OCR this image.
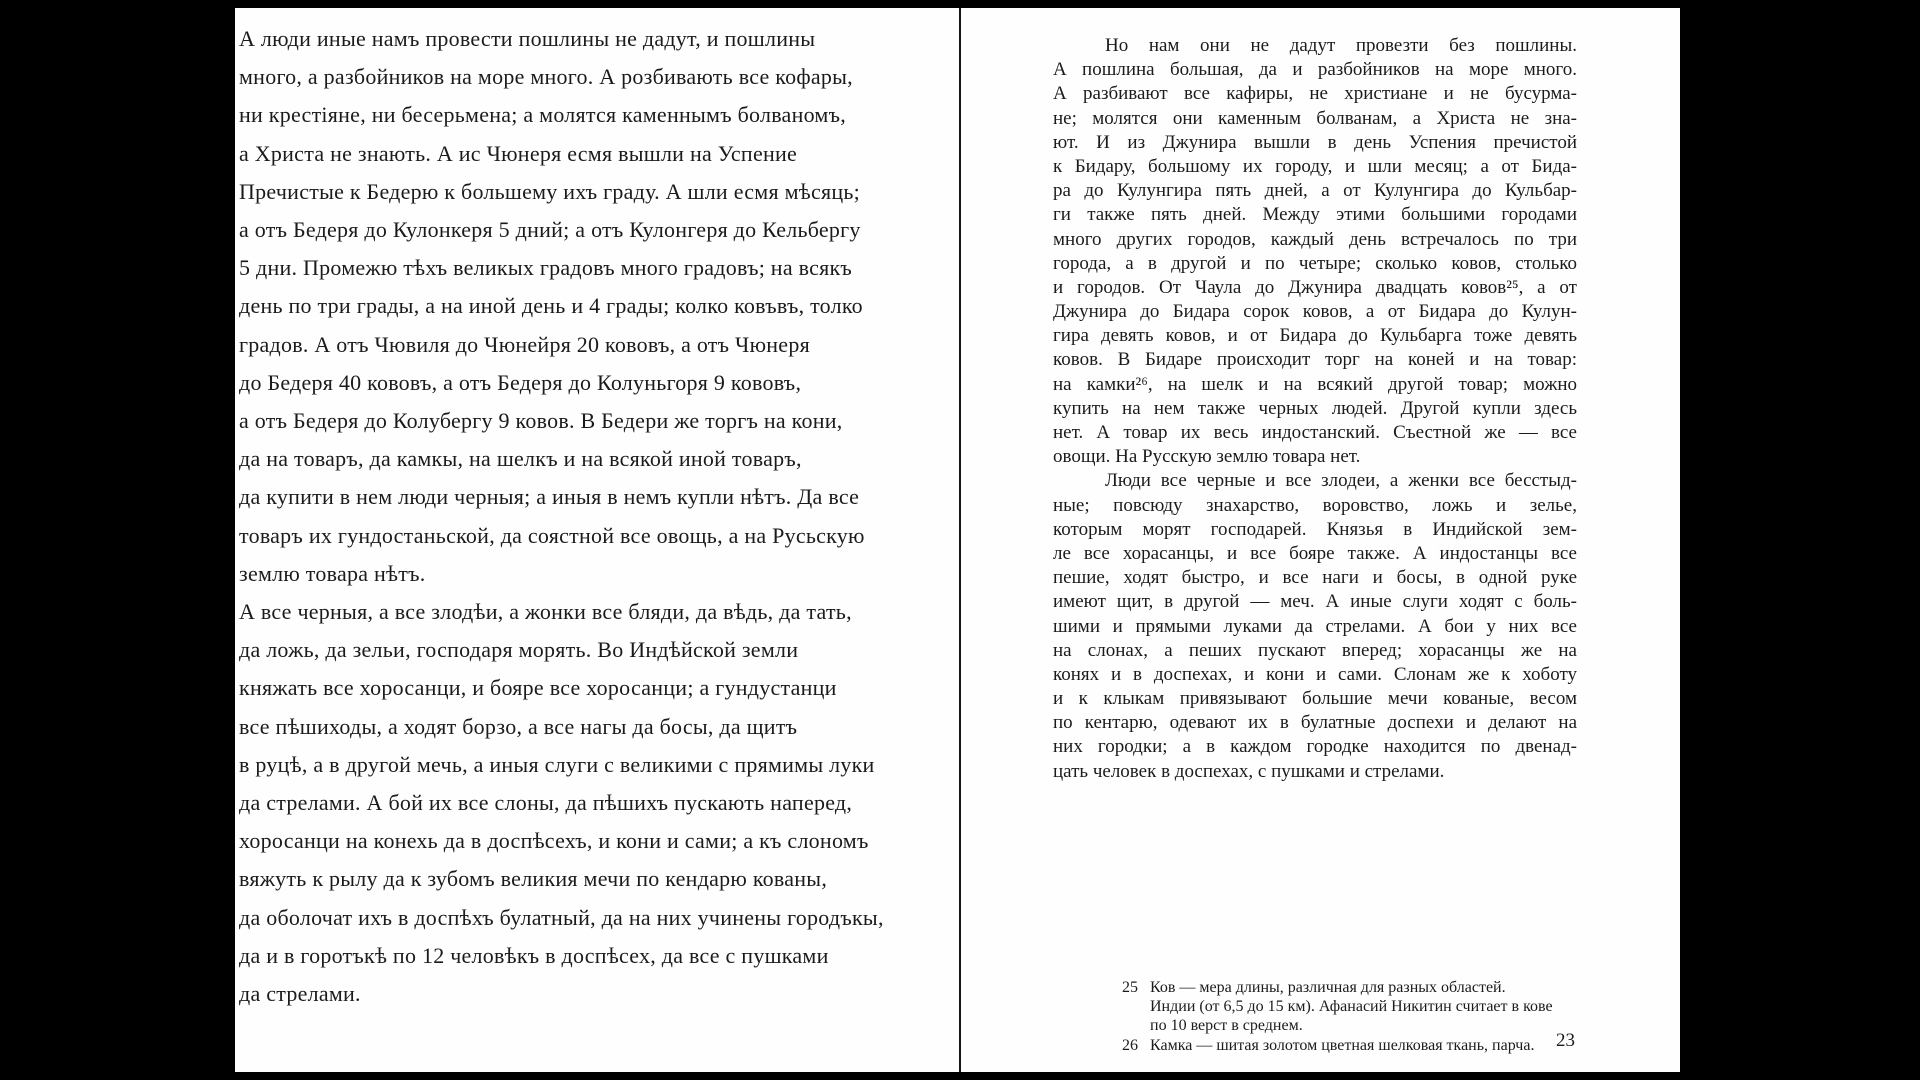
А люди иные намъ провести пошлины не дадут, и пошлины
много, а разбойников на море много. А розбивають все кофары,
ни крестіяне, ни бесерьмена; а молятся каменнымъ болваномъ,
а Христа не знають. А ис Чюнеря есмя вышли на Успение
Пречистые к Бедерю к большему ихъ граду. А шли есмя мѣсяць;
а отъ Бедеря до Кулонкеря 5 дний; а отъ Кулонгеря до Кельбергу
5 дни. Промежю тѣхъ великых градовъ много градовъ; на всякъ
день по три грады, а на иной день и 4 грады; колко ковъвъ, толко
градов. А отъ Чювиля до Чюнейря 20 кововъ, а отъ Чюнеря
до Бедеря 40 кововъ, а отъ Бедеря до Колуньгоря 9 кововъ,
а отъ Бедеря до Колубергу 9 ковов. В Бедери же торгъ на кони,
да на товаръ, да камкы, на шелкъ и на всякой иной товаръ,
да купити в нем люди черныя; а иныя в немъ купли нѣтъ. Да все
товаръ их гундостаньской, да соястной все овощь, а на Русьскую
землю товара нѣтъ.
А все черныя, а все злодѣи, а жонки все бляди, да вѣдь, да тать,
да ложь, да зельи, господаря морять. Во Индѣйской земли
княжать все хоросанци, и бояре все хоросанци; а гундустанци
все пѣшиходы, а ходят борзо, а все нагы да босы, да щитъ
в руцѣ, а в другой мечь, а иныя слуги с великими с прямимы луки
да стрелами. А бой их все слоны, да пѣшихъ пускають наперед,
хоросанци на конехь да в доспѣсехъ, и кони и сами; а къ слономъ
вяжуть к рылу да к зубомъ великия мечи по кендарю кованы,
да оболочат ихъ в доспѣхъ булатный, да на них учинены городъкы,
да и в горотъкѣ по 12 человѣкъ в доспѣсех, да все с пушками
да стрелами.
Но нам они не дадут провезти без пошлины.
А пошлина большая, да и разбойников на море много.
А разбивают все кафиры, не христиане и не бусурма-
не; молятся они каменным болванам, а Христа не зна-
ют. И из Джунира вышли в день Успения пречистой
к Бидару, большому их городу, и шли месяц; а от Бида-
ра до Кулунгира пять дней, а от Кулунгира до Кульбар-
ги также пять дней. Между этими большими городами
много других городов, каждый день встречалось по три
города, а в другой и по четыре; сколько ковов, столько
и городов. От Чаула до Джунира двадцать ковов²⁵, а от
Джунира до Бидара сорок ковов, а от Бидара до Кулун-
гира девять ковов, и от Бидара до Кульбарга тоже девять
ковов. В Бидаре происходит торг на коней и на товар:
на камки²⁶, на шелк и на всякий другой товар; можно
купить на нем также черных людей. Другой купли здесь
нет. А товар их весь индостанский. Съестной же — все
овощи. На Русскую землю товара нет.
Люди все черные и все злодеи, а женки все бесстыд-
ные; повсюду знахарство, воровство, ложь и зелье,
которым морят господарей. Князья в Индийской зем-
ле все хорасанцы, и все бояре также. А индостанцы все
пешие, ходят быстро, и все наги и босы, в одной руке
имеют щит, в другой — меч. А иные слуги ходят с боль-
шими и прямыми луками да стрелами. А бои у них все
на слонах, а пеших пускают вперед; хорасанцы же на
конях и в доспехах, и кони и сами. Слонам же к хоботу
и к клыкам привязывают большие мечи кованые, весом
по кентарю, одевают их в булатные доспехи и делают на
них городки; а в каждом городке находится по двенад-
цать человек в доспехах, с пушками и стрелами.
25 Ков — мера длины, различная для разных областей.
Индии (от 6,5 до 15 км). Афанасий Никитин считает в кове
по 10 верст в среднем.
26 Камка — шитая золотом цветная шелковая ткань, парча. 23
